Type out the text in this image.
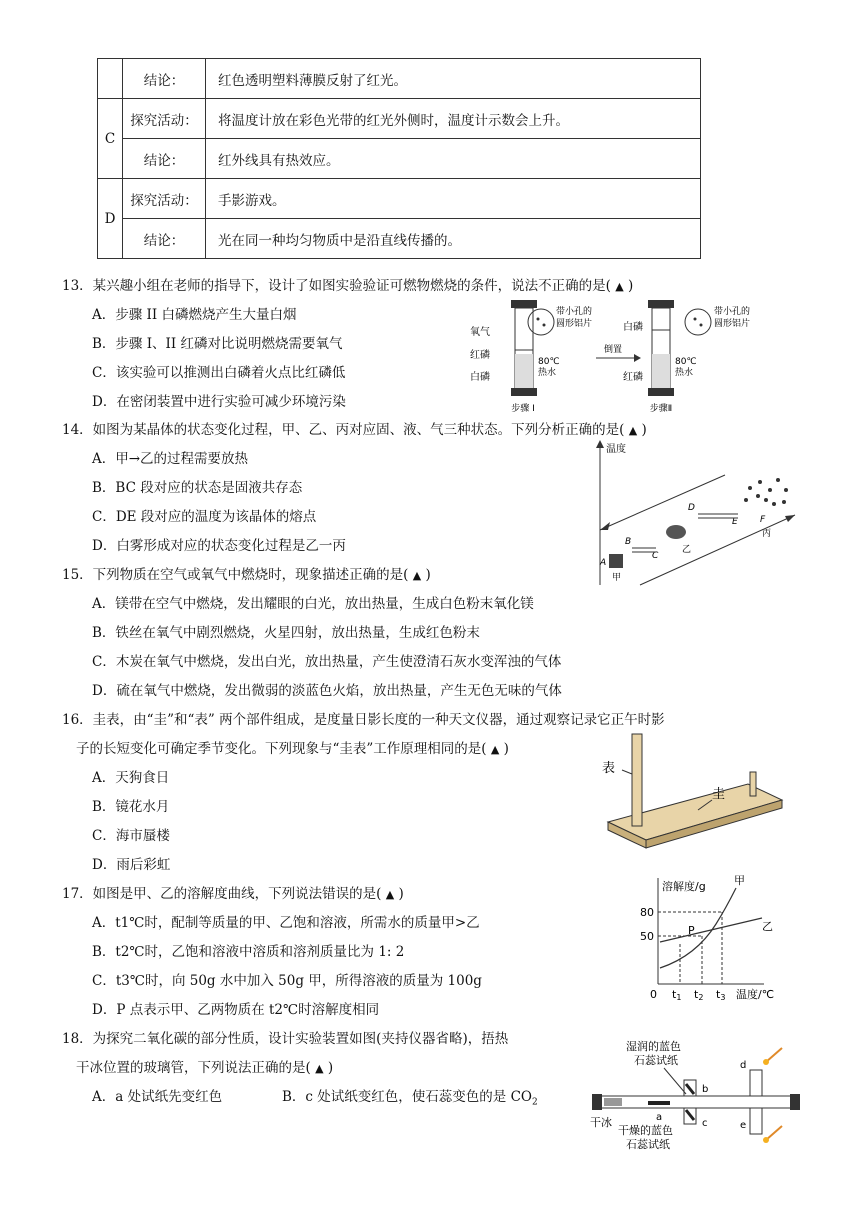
	结论：	红色透明塑料薄膜反射了红光。
C	探究活动：	将温度计放在彩色光带的红光外侧时，温度计示数会上升。
	结论：	红外线具有热效应。
D	探究活动：	手影游戏。
	结论：	光在同一种均匀物质中是沿直线传播的。
13．某兴趣小组在老师的指导下，设计了如图实验验证可燃物燃烧的条件，说法不正确的是( ▲ )
A．步骤 II 白磷燃烧产生大量白烟
B．步骤 I、II 红磷对比说明燃烧需要氧气
C．该实验可以推测出白磷着火点比红磷低
D．在密闭装置中进行实验可减少环境污染
氧气
红磷
白磷
带小孔的
圆形铝片
80℃
热水
步骤 I
倒置
白磷
红磷
带小孔的
圆形铝片
80℃
热水
步骤Ⅱ
14．如图为某晶体的状态变化过程，甲、乙、丙对应固、液、气三种状态。下列分析正确的是( ▲ )
A．甲→乙的过程需要放热
B．BC 段对应的状态是固液共存态
C．DE 段对应的温度为该晶体的熔点
D．白雾形成对应的状态变化过程是乙一丙
温度
A
甲
B
C
乙
D
E F
丙
15．下列物质在空气或氧气中燃烧时，现象描述正确的是( ▲ )
A．镁带在空气中燃烧，发出耀眼的白光，放出热量，生成白色粉末氧化镁
B．铁丝在氧气中剧烈燃烧，火星四射，放出热量，生成红色粉末
C．木炭在氧气中燃烧，发出白光，放出热量，产生使澄清石灰水变浑浊的气体
D．硫在氧气中燃烧，发出微弱的淡蓝色火焰，放出热量，产生无色无味的气体
16．圭表，由“圭”和“表” 两个部件组成，是度量日影长度的一种天文仪器，通过观察记录它正午时影
子的长短变化可确定季节变化。下列现象与“圭表”工作原理相同的是( ▲ )
A．天狗食日
B．镜花水月
C．海市蜃楼
D．雨后彩虹
表
圭
17．如图是甲、乙的溶解度曲线，下列说法错误的是( ▲ )
A．t1℃时，配制等质量的甲、乙饱和溶液，所需水的质量甲>乙
B．t2℃时，乙饱和溶液中溶质和溶剂质量比为 1: 2
C．t3℃时，向 50g 水中加入 50g 甲，所得溶液的质量为 100g
D．P 点表示甲、乙两物质在 t2℃时溶解度相同
溶解度/g	甲
乙
80
50	P
0 t1 t2 t3 温度/℃
18．为探究二氧化碳的部分性质，设计实验装置如图(夹持仪器省略)，捂热
干冰位置的玻璃管，下列说法正确的是( ▲ )
A．a 处试纸先变红色	B．c 处试纸变红色，使石蕊变色的是 $CO_2$
湿润的蓝色
石蕊试纸
a
b
c
d
e
干冰
干燥的蓝色
石蕊试纸
